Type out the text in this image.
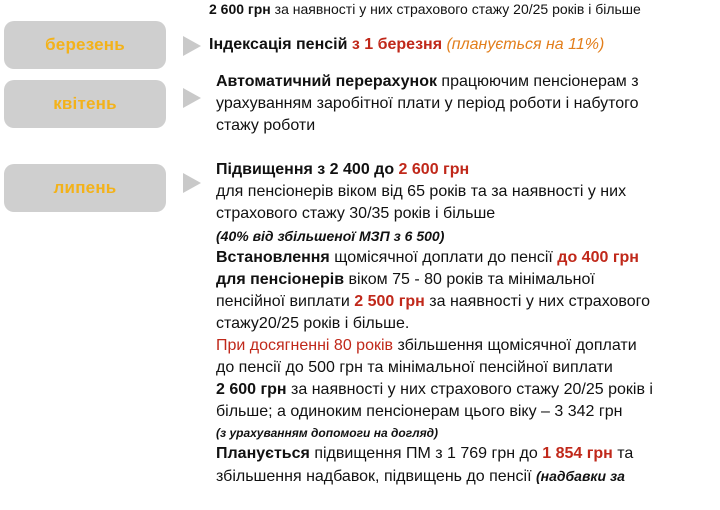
2 600 грн за наявності у них страхового стажу 20/25 років і більше
березень	Індексація пенсій з 1 березня (планується на 11%)
квітень
Автоматичний перерахунок працюючим пенсіонерам з
урахуванням заробітної плати у період роботи і набутого
стажу роботи
липень
Підвищення з 2 400 до 2 600 грн
для пенсіонерів віком від 65 років та за наявності у них
страхового стажу 30/35 років і більше
(40% від збільшеної МЗП з 6 500)
Встановлення щомісячної доплати до пенсії до 400 грн
для пенсіонерів віком 75 - 80 років та мінімальної
пенсійної виплати 2 500 грн за наявності у них страхового
стажу20/25 років і більше.
При досягненні 80 років збільшення щомісячної доплати
до пенсії до 500 грн та мінімальної пенсійної виплати
2 600 грн за наявності у них страхового стажу 20/25 років і
більше; а одиноким пенсіонерам цього віку – 3 342 грн
(з урахуванням допомоги на догляд)
Планується підвищення ПМ з 1 769 грн до 1 854 грн та
збільшення надбавок, підвищень до пенсії (надбавки за
